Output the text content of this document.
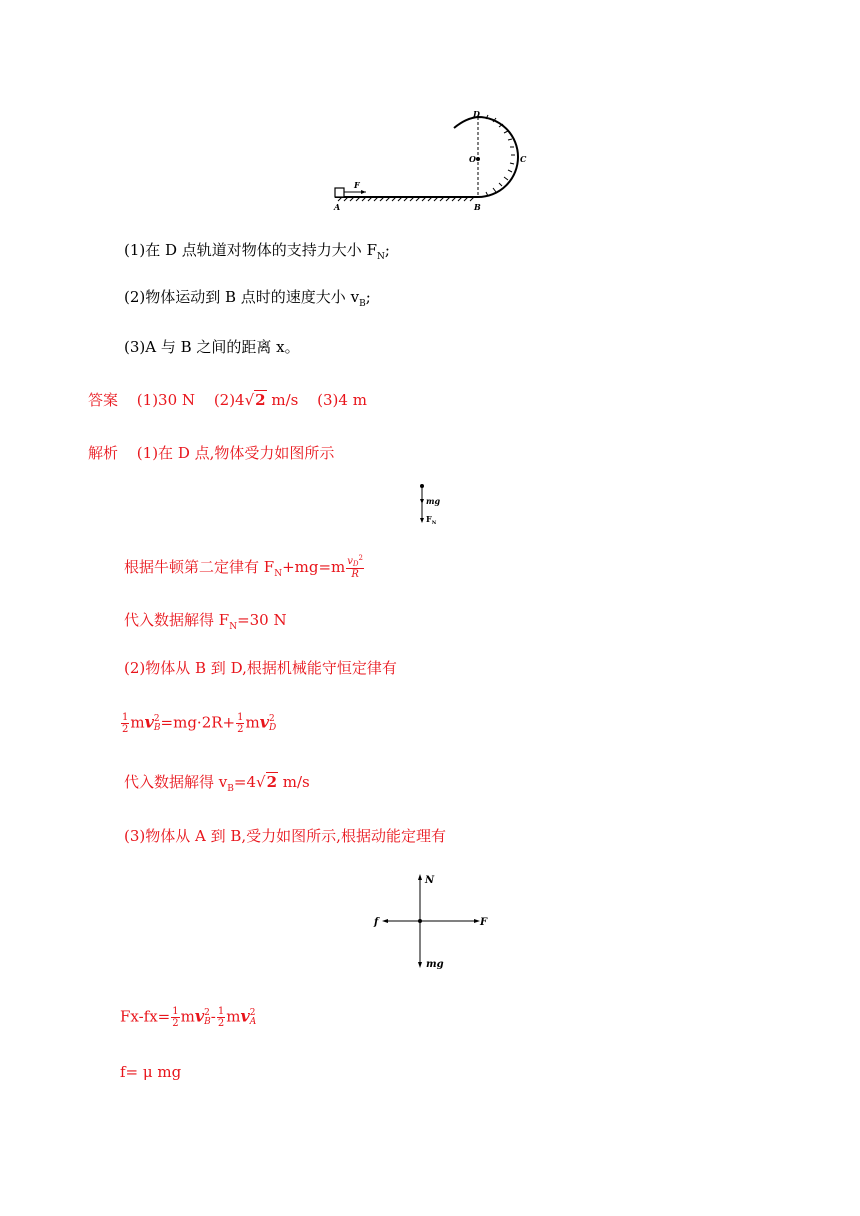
D
O	C
F
A	B
(1)在 D 点轨道对物体的支持力大小 $F_N$;
(2)物体运动到 B 点时的速度大小 $v_B$;
(3)A 与 B 之间的距离 x。
答案 (1)30 N (2)4√2 m/s (3)4 m
解析 (1)在 D 点,物体受力如图所示
mg
$F_N$
根据牛顿第二定律有 $F_N+mg=m \frac{v_D^2}{R}$
代入数据解得 $F_N=30$ N
(2)物体从 B 到 D,根据机械能守恒定律有
$\frac{1}{2}$ mv 2
$B =mg\cdot 2R+ \frac{1}{2}$ mv 2
D
代入数据解得 $v_B=4√2$ m/s
(3)物体从 A 到 B,受力如图所示,根据动能定理有
N
f	F
mg
$Fx-fx= \frac{1}{2}$ mv 2
B - $\frac{1}{2}$ mv 2
A
f= μ mg
